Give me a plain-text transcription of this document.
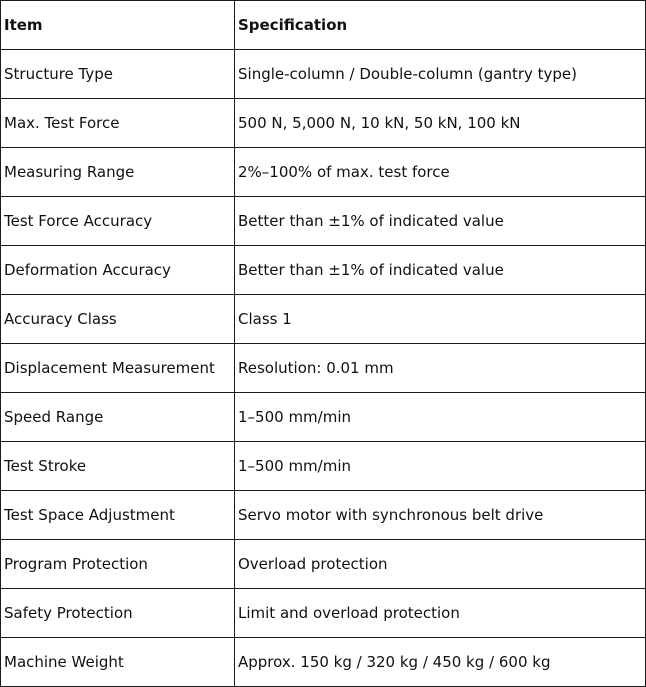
Item	Specification
Structure Type	Single-column / Double-column (gantry type)
Max. Test Force	500 N, 5,000 N, 10 kN, 50 kN, 100 kN
Measuring Range	2%–100% of max. test force
Test Force Accuracy	Better than ±1% of indicated value
Deformation Accuracy	Better than ±1% of indicated value
Accuracy Class	Class 1
Displacement Measurement	Resolution: 0.01 mm
Speed Range	1–500 mm/min
Test Stroke	1–500 mm/min
Test Space Adjustment	Servo motor with synchronous belt drive
Program Protection	Overload protection
Safety Protection	Limit and overload protection
Machine Weight	Approx. 150 kg / 320 kg / 450 kg / 600 kg
